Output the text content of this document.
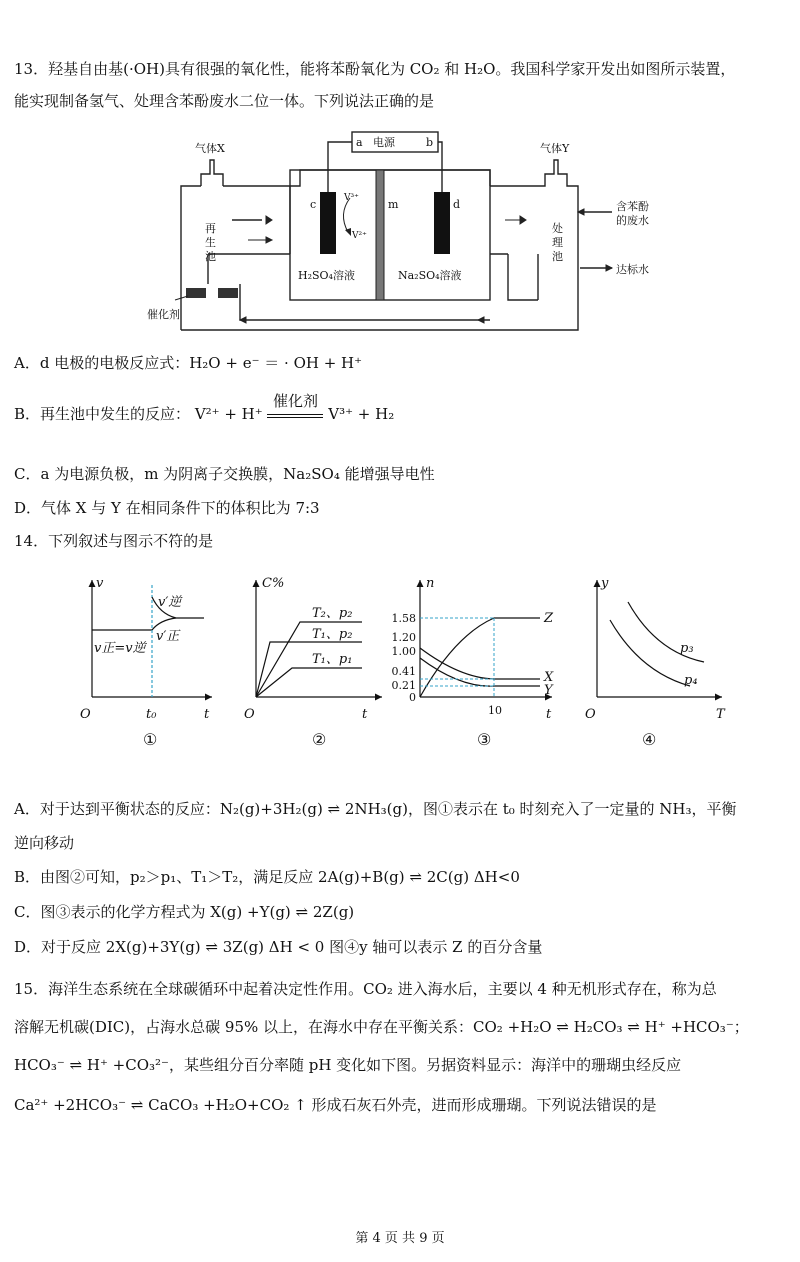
13．羟基自由基(·OH)具有很强的氧化性，能将苯酚氧化为 CO₂ 和 H₂O。我国科学家开发出如图所示装置，
能实现制备氢气、处理含苯酚废水二位一体。下列说法正确的是
a 电源	b
气体X	气体Y
c	d
m
V³⁺
V²⁺
H₂SO₄溶液	Na₂SO₄溶液
催化剂
再
生
池
处
理
池
含苯酚
的废水
达标水
A．d 电极的电极反应式：H₂O + e⁻ ＝ · OH + H⁺
B．再生池中发生的反应： V²⁺ + H⁺
催化剂
V³⁺ + H₂
C．a 为电源负极，m 为阴离子交换膜，Na₂SO₄ 能增强导电性
D．气体 X 与 Y 在相同条件下的体积比为 7:3
14．下列叙述与图示不符的是
v
t
O	t₀
v正=v逆
v′逆
v′正
C%
t
O
T₂、p₂
T₁、p₂
T₁、p₁
n
t
Z
X
Y
y
T
O
p₃
p₄
1.58
1.20
1.00
0.41
0.21
0
10
①	②	③	④
A．对于达到平衡状态的反应：N₂(g)+3H₂(g) ⇌ 2NH₃(g)，图①表示在 t₀ 时刻充入了一定量的 NH₃，平衡
逆向移动
B．由图②可知，p₂＞p₁、T₁＞T₂，满足反应 2A(g)+B(g) ⇌ 2C(g) ΔH<0
C．图③表示的化学方程式为 X(g) +Y(g) ⇌ 2Z(g)
D．对于反应 2X(g)+3Y(g) ⇌ 3Z(g) ΔH < 0 图④y 轴可以表示 Z 的百分含量
15．海洋生态系统在全球碳循环中起着决定性作用。CO₂ 进入海水后，主要以 4 种无机形式存在，称为总
溶解无机碳(DIC)，占海水总碳 95% 以上，在海水中存在平衡关系：CO₂ +H₂O ⇌ H₂CO₃ ⇌ H⁺ +HCO₃⁻；
HCO₃⁻ ⇌ H⁺ +CO₃²⁻，某些组分百分率随 pH 变化如下图。另据资料显示：海洋中的珊瑚虫经反应
Ca²⁺ +2HCO₃⁻ ⇌ CaCO₃ +H₂O+CO₂ ↑ 形成石灰石外壳，进而形成珊瑚。下列说法错误的是
第 4 页 共 9 页
